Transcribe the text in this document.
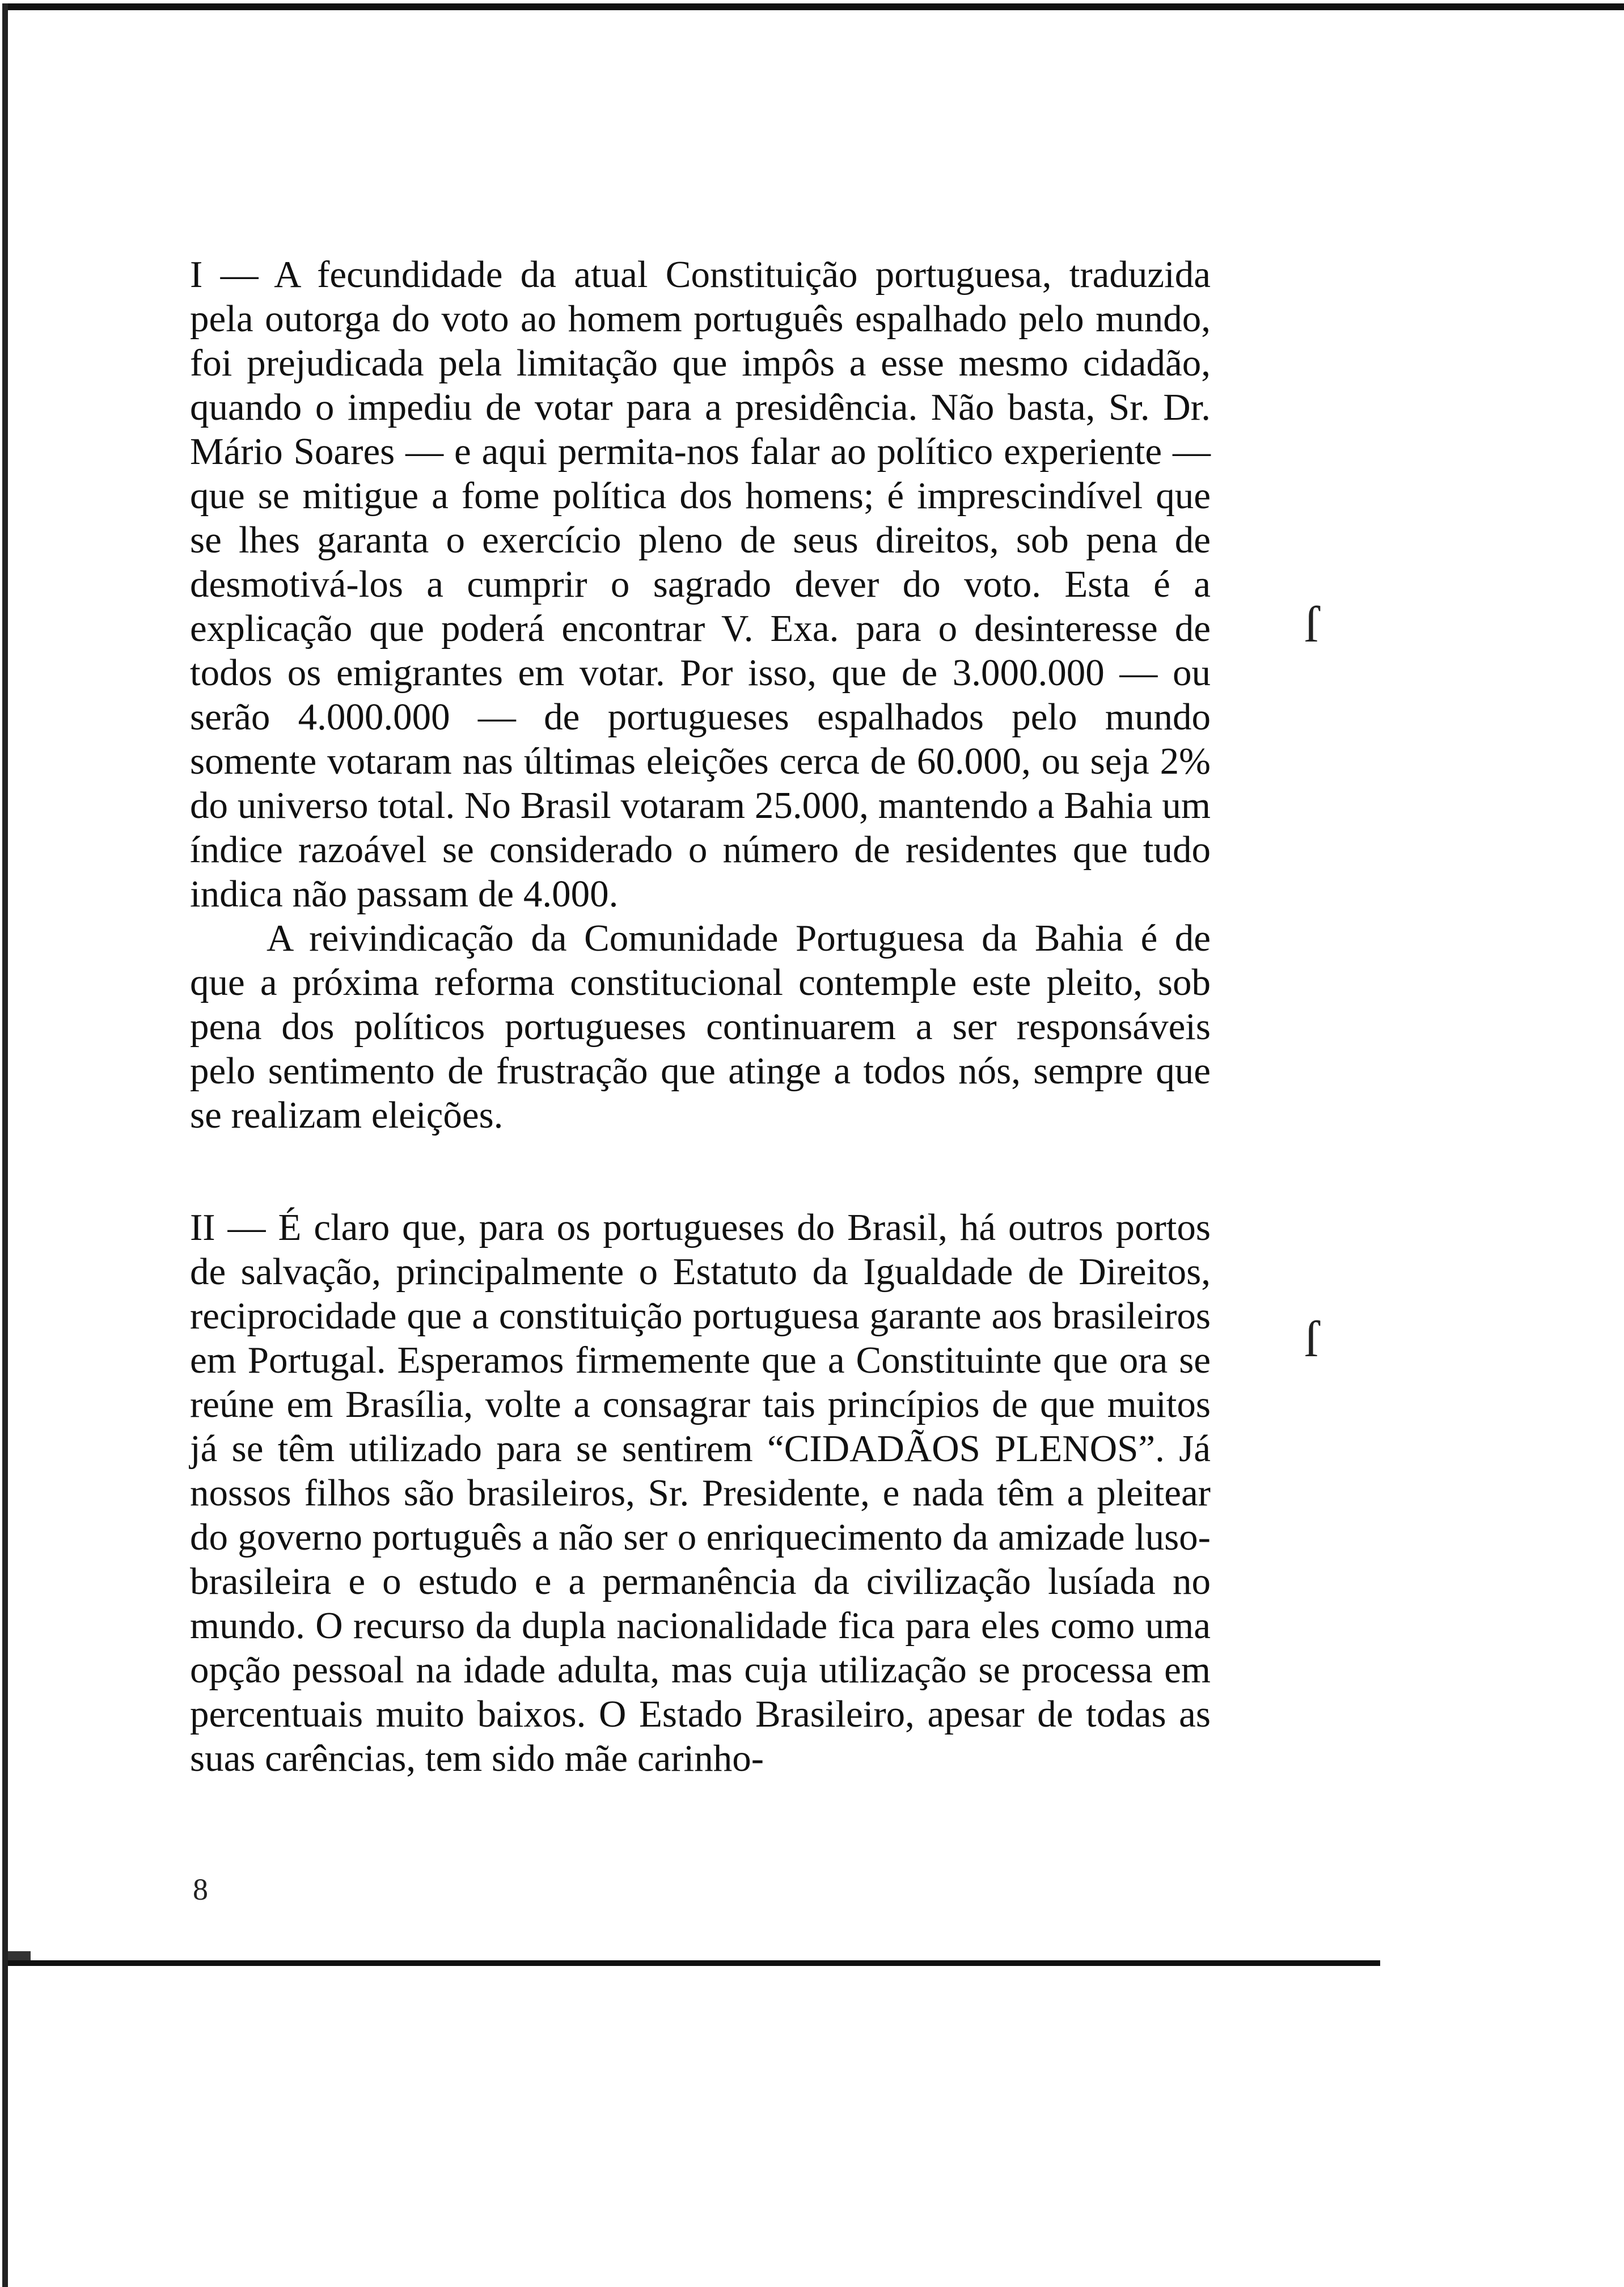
I — A fecundidade da atual Constituição portuguesa, traduzida pela outorga do voto ao homem português espalhado pelo mundo, foi prejudicada pela limitação que impôs a esse mesmo cidadão, quando o impediu de votar para a presidência. Não basta, Sr. Dr. Mário Soares — e aqui permita-nos falar ao político experiente — que se mitigue a fome política dos homens; é imprescindível que se lhes garanta o exercício pleno de seus direitos, sob pena de desmotivá-los a cumprir o sagrado dever do voto. Esta é a explicação que poderá encontrar V. Exa. para o desinteresse de todos os emigrantes em votar. Por isso, que de 3.000.000 — ou serão 4.000.000 — de portugueses espalhados pelo mundo somente votaram nas últimas eleições cerca de 60.000, ou seja 2% do universo total. No Brasil votaram 25.000, mantendo a Bahia um índice razoável se considerado o número de residentes que tudo indica não passam de 4.000.

A reivindicação da Comunidade Portuguesa da Bahia é de que a próxima reforma constitucional contemple este pleito, sob pena dos políticos portugueses continuarem a ser responsáveis pelo sentimento de frustração que atinge a todos nós, sempre que se realizam eleições.

II — É claro que, para os portugueses do Brasil, há outros portos de salvação, principalmente o Estatuto da Igualdade de Direitos, reciprocidade que a constituição portuguesa garante aos brasileiros em Portugal. Esperamos firmemente que a Constituinte que ora se reúne em Brasília, volte a consagrar tais princípios de que muitos já se têm utilizado para se sentirem “CIDADÃOS PLENOS”. Já nossos filhos são brasileiros, Sr. Presidente, e nada têm a pleitear do governo português a não ser o enriquecimento da amizade luso-brasileira e o estudo e a permanência da civilização lusíada no mundo. O recurso da dupla nacionalidade fica para eles como uma opção pessoal na idade adulta, mas cuja utilização se processa em percentuais muito baixos. O Estado Brasileiro, apesar de todas as suas carências, tem sido mãe carinho-

ſ
ſ
8
